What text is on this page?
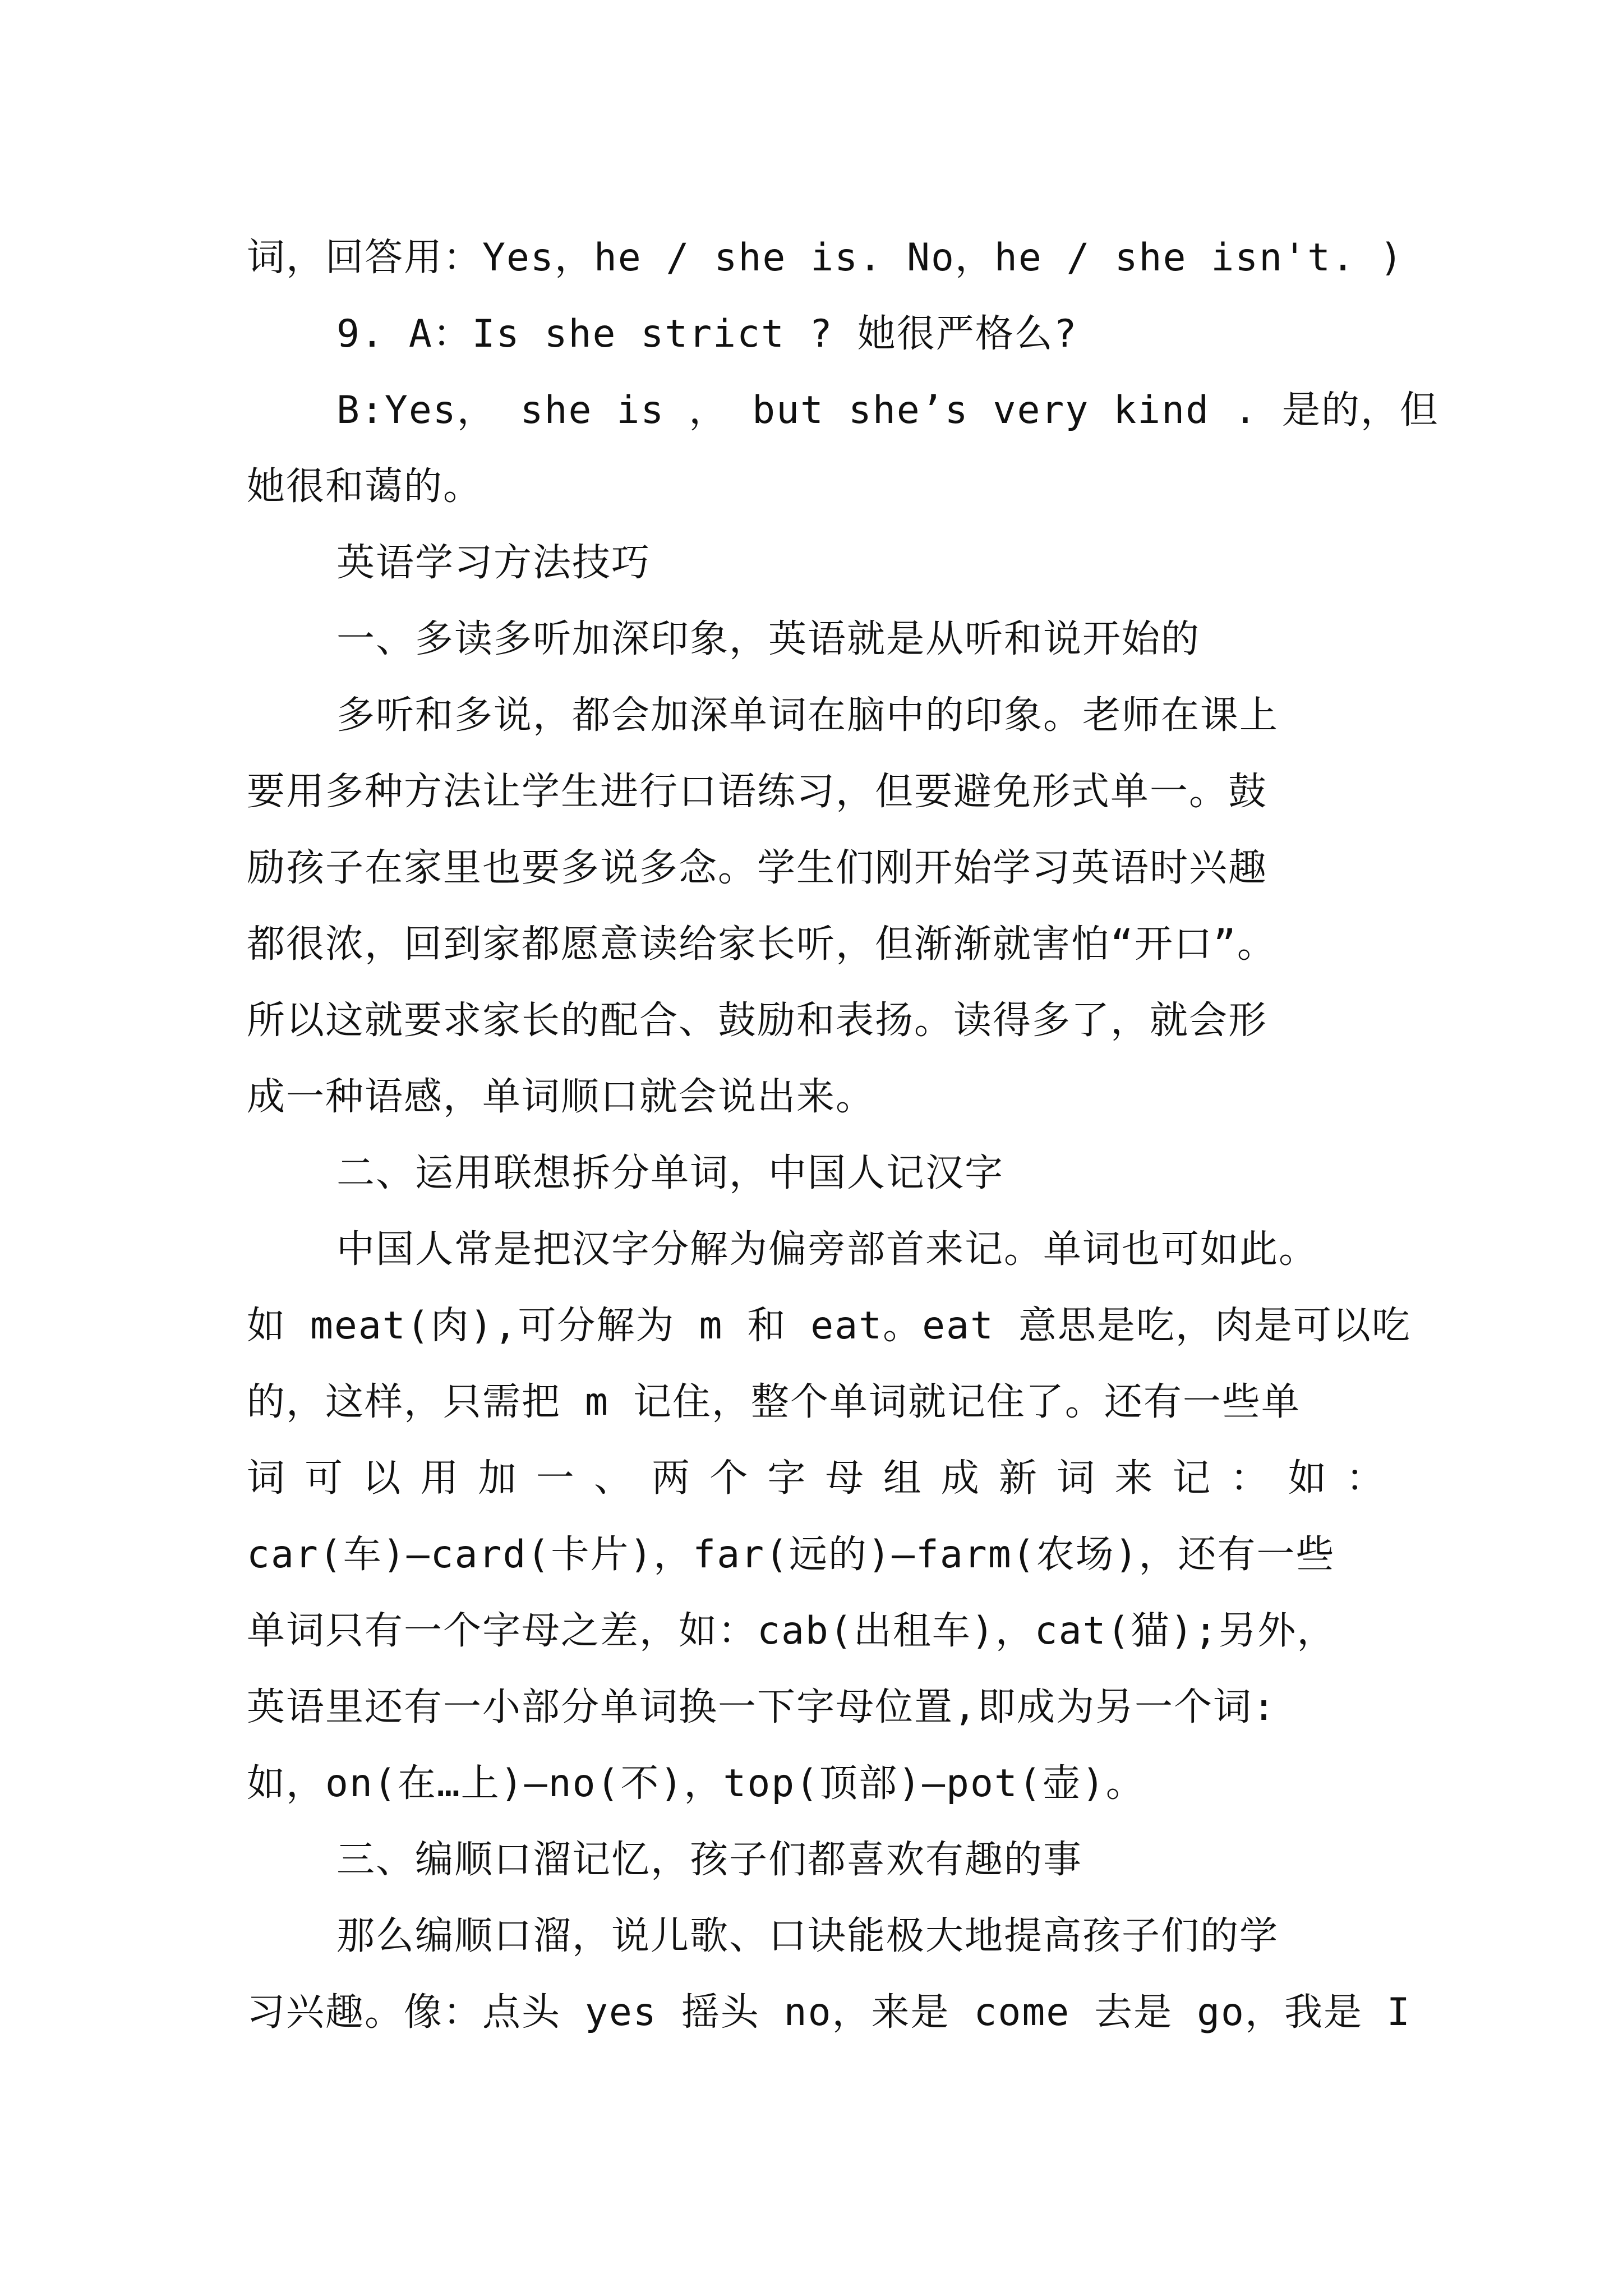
词，回答用：Yes，he / she is. No，he / she isn't. )
9. A：Is she strict ? 她很严格么?
B:Yes， she is ， but she’s very kind . 是的，但
她很和蔼的。
英语学习方法技巧
一、多读多听加深印象，英语就是从听和说开始的
多听和多说，都会加深单词在脑中的印象。老师在课上
要用多种方法让学生进行口语练习，但要避免形式单一。鼓
励孩子在家里也要多说多念。学生们刚开始学习英语时兴趣
都很浓，回到家都愿意读给家长听，但渐渐就害怕“开口”。
所以这就要求家长的配合、鼓励和表扬。读得多了，就会形
成一种语感，单词顺口就会说出来。
二、运用联想拆分单词，中国人记汉字
中国人常是把汉字分解为偏旁部首来记。单词也可如此。
如 meat(肉),可分解为 m 和 eat。eat 意思是吃，肉是可以吃
的，这样，只需把 m 记住，整个单词就记住了。还有一些单
词可以用加一、两个字母组成新词来记：如：
car(车)—card(卡片)，far(远的)—farm(农场)，还有一些
单词只有一个字母之差，如：cab(出租车)，cat(猫);另外，
英语里还有一小部分单词换一下字母位置,即成为另一个词:
如，on(在…上)—no(不)，top(顶部)—pot(壶)。
三、编顺口溜记忆，孩子们都喜欢有趣的事
那么编顺口溜，说儿歌、口诀能极大地提高孩子们的学
习兴趣。像：点头 yes 摇头 no，来是 come 去是 go，我是 I
